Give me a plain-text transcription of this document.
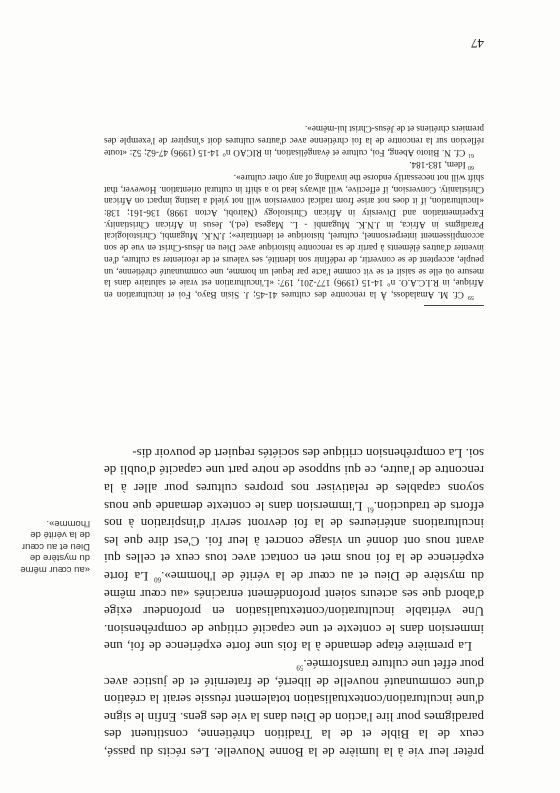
prêter leur vie à la lumière de la Bonne Nouvelle. Les récits du passé, ceux de la Bible et de la Tradition chrétienne, constituent des paradigmes pour lire l'action de Dieu dans la vie des gens. Enfin le signe d'une inculturation/contextualisation totalement réussie serait la création d'une communauté nouvelle de liberté, de fraternité et de justice avec pour effet une culture transformée.$^{59}$

La première étape demande à la fois une forte expérience de foi, une immersion dans le contexte et une capacité critique de compréhension. Une véritable inculturation/contextualisation en profondeur exige d'abord que ses acteurs soient profondément enracinés «au cœur même du mystère de Dieu et au cœur de la vérité de l'homme».$^{60}$ La forte expérience de la foi nous met en contact avec tous ceux et celles qui avant nous ont donné un visage concret à leur foi. C'est dire que les inculturations antérieures de la foi devront servir d'inspiration à nos efforts de traduction.$^{61}$ L'immersion dans le contexte demande que nous soyons capables de relativiser nos propres cultures pour aller à la rencontre de l'autre, ce qui suppose de notre part une capacité d'oubli de soi. La compréhension critique des sociétés requiert de pouvoir dis-

«au cœur même du mystère de Dieu et au cœur de la vérité de l'homme».

$^{59}$ Cf. M. Amaladoss, À la rencontre des cultures 41-45; J. Sisin Bayo, Foi et inculturation en Afrique, in R.I.C.A.O. n° 14-15 (1996) 177-201, 197: «L'inculturation est vraie et salutaire dans la mesure où elle se saisit et se vit comme l'acte par lequel un homme, une communauté chrétienne, un peuple, acceptent de se convertir, de redéfinir son identité, ses valeurs et de réorienter sa culture, d'en inventer d'autres éléments à partir de sa rencontre historique avec Dieu en Jésus-Christ en vue de son accomplissement interpersonnel, culturel, historique et identitaire»; J.N.K. Mugambi, Christological Paradigms in Africa, in J.N.K. Mugambi - L. Magesa (ed.), Jesus in African Christianity. Experimentation and Diversity in African Christology (Nairobi, Acton 1998) 136-161; 138: «Inculturation, if it does not arise from radical conversion will not yield a lasting impact on African Christianity. Conversion, if effective, will always lead to a shift in cultural orientation. However, that shift will not necessarily endorse the invading of any other culture».

$^{60}$ Idem, 183-184.

$^{61}$ Cf. N. Bitoto Abeng, Foi, culture et évangélisation, in RICAO n° 14-15 (1996) 47-62; 52: «toute réflexion sur la rencontre de la foi chrétienne avec d'autres cultures doit s'inspirer de l'exemple des premiers chrétiens et de Jésus-Christ lui-même».

47
